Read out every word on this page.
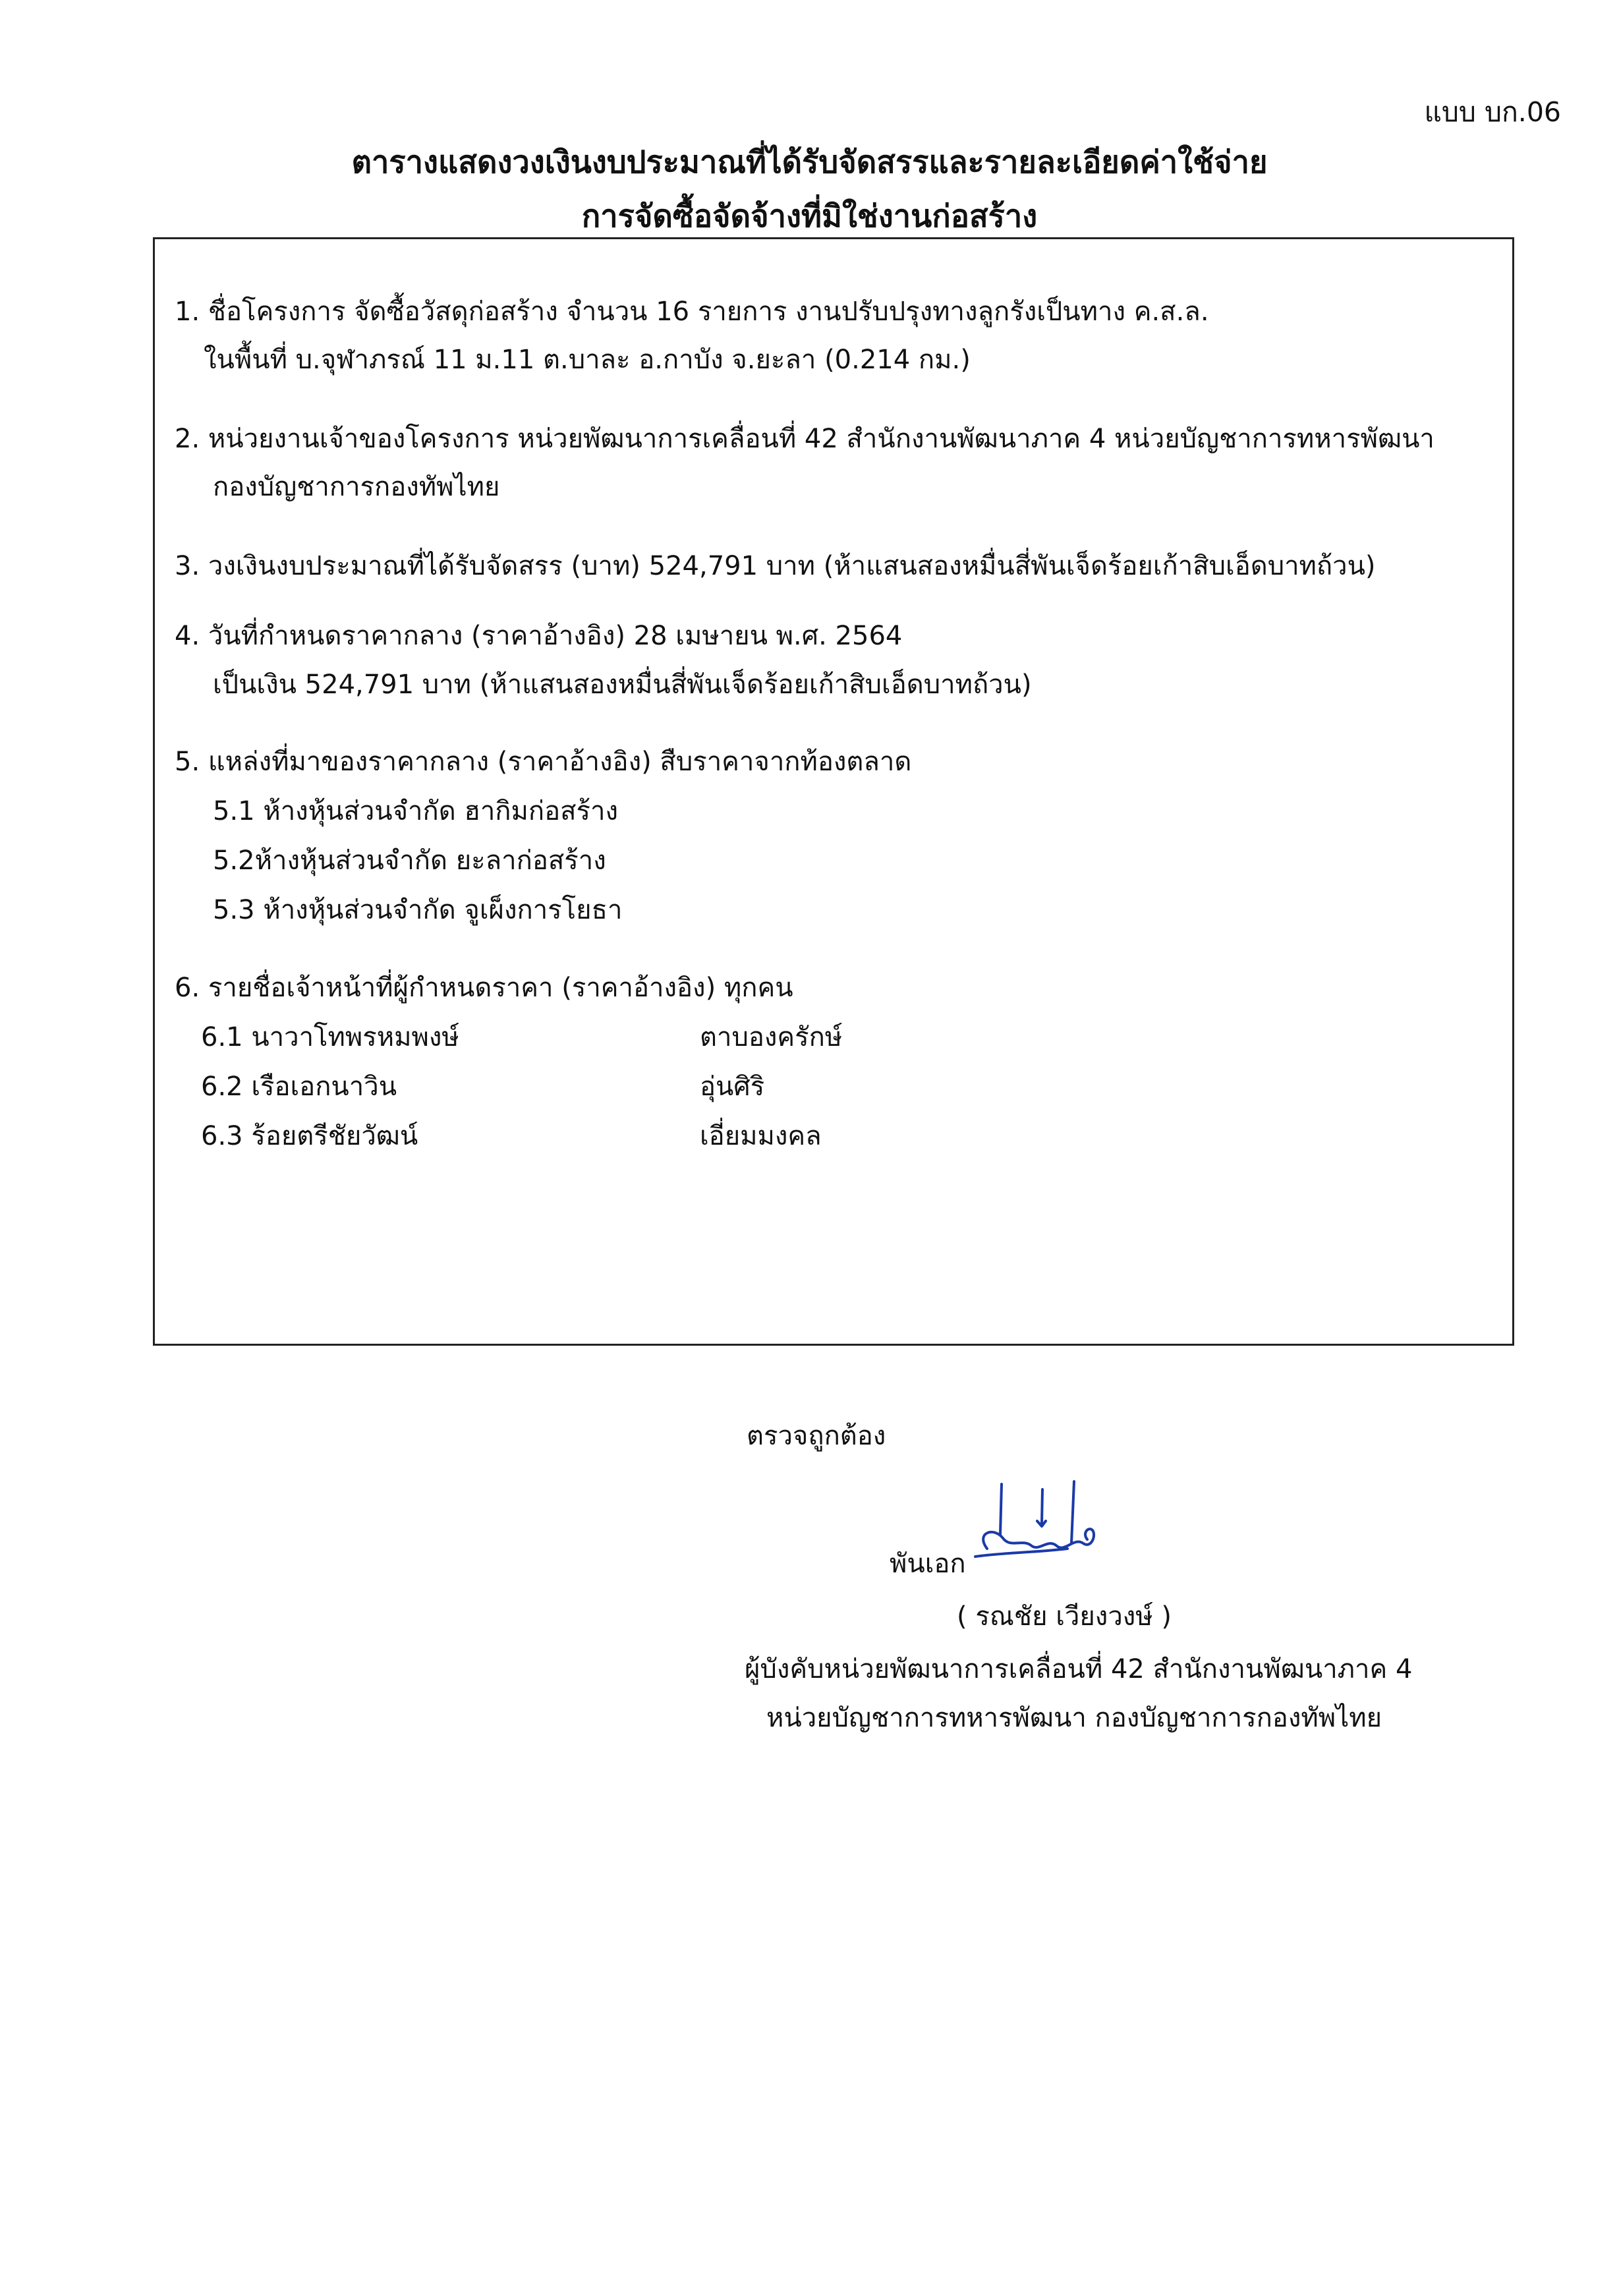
แบบ บก.06
ตารางแสดงวงเงินงบประมาณที่ได้รับจัดสรรและรายละเอียดค่าใช้จ่าย
การจัดซื้อจัดจ้างที่มิใช่งานก่อสร้าง
1. ชื่อโครงการ จัดซื้อวัสดุก่อสร้าง จำนวน 16 รายการ งานปรับปรุงทางลูกรังเป็นทาง ค.ส.ล.
ในพื้นที่ บ.จุฬาภรณ์ 11 ม.11 ต.บาละ อ.กาบัง จ.ยะลา (0.214 กม.)
2. หน่วยงานเจ้าของโครงการ หน่วยพัฒนาการเคลื่อนที่ 42 สำนักงานพัฒนาภาค 4 หน่วยบัญชาการทหารพัฒนา
กองบัญชาการกองทัพไทย
3. วงเงินงบประมาณที่ได้รับจัดสรร (บาท) 524,791 บาท (ห้าแสนสองหมื่นสี่พันเจ็ดร้อยเก้าสิบเอ็ดบาทถ้วน)
4. วันที่กำหนดราคากลาง (ราคาอ้างอิง) 28 เมษายน พ.ศ. 2564
เป็นเงิน 524,791 บาท (ห้าแสนสองหมื่นสี่พันเจ็ดร้อยเก้าสิบเอ็ดบาทถ้วน)
5. แหล่งที่มาของราคากลาง (ราคาอ้างอิง) สืบราคาจากท้องตลาด
5.1 ห้างหุ้นส่วนจำกัด ฮากิมก่อสร้าง
5.2ห้างหุ้นส่วนจำกัด ยะลาก่อสร้าง
5.3 ห้างหุ้นส่วนจำกัด จูเผ็งการโยธา
6. รายชื่อเจ้าหน้าที่ผู้กำหนดราคา (ราคาอ้างอิง) ทุกคน
6.1 นาวาโทพรหมพงษ์	ตาบองครักษ์
6.2 เรือเอกนาวิน	อุ่นศิริ
6.3 ร้อยตรีชัยวัฒน์	เอี่ยมมงคล
ตรวจถูกต้อง
พันเอก
( รณชัย เวียงวงษ์ )
ผู้บังคับหน่วยพัฒนาการเคลื่อนที่ 42 สำนักงานพัฒนาภาค 4
หน่วยบัญชาการทหารพัฒนา กองบัญชาการกองทัพไทย
